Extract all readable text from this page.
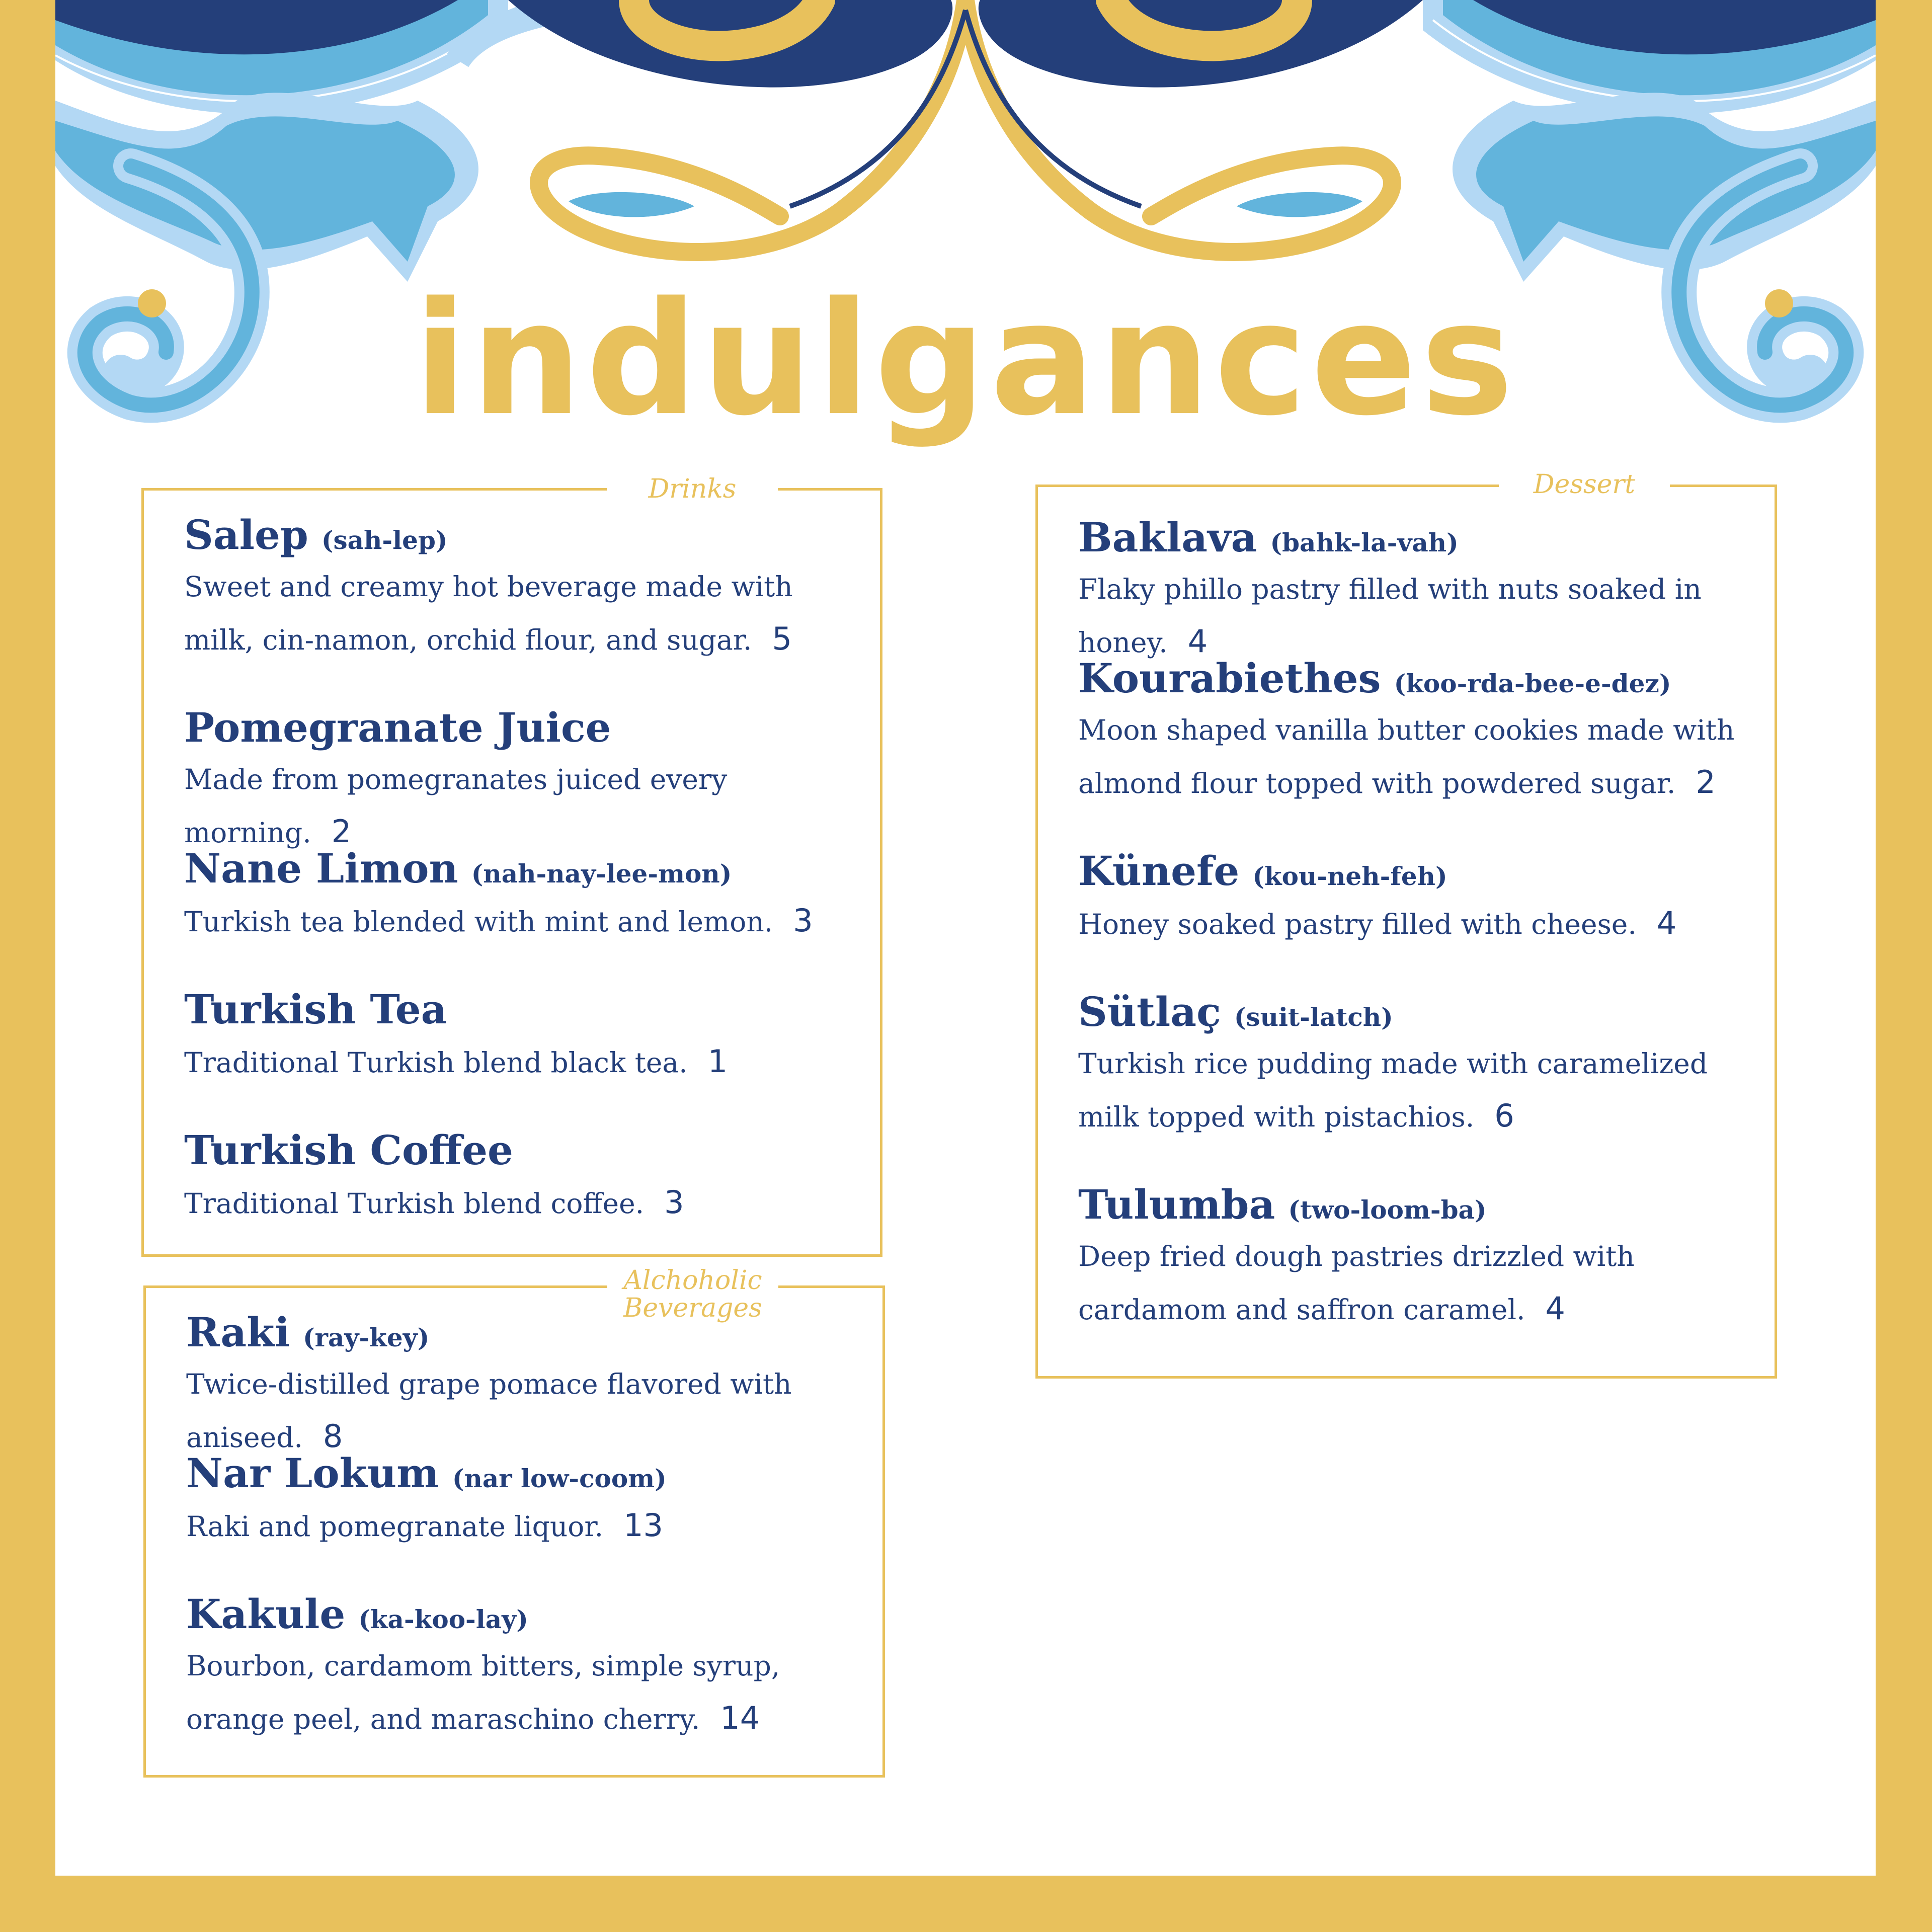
indulgances
Drinks
Salep (sah-lep)
Sweet and creamy hot beverage made with milk, cin-namon, orchid flour, and sugar. 5
Pomegranate Juice
Made from pomegranates juiced every morning. 2
Nane Limon (nah-nay-lee-mon)
Turkish tea blended with mint and lemon. 3
Turkish Tea
Traditional Turkish blend black tea. 1
Turkish Coffee
Traditional Turkish blend coffee. 3
Alchoholic Beverages
Raki (ray-key)
Twice-distilled grape pomace flavored with aniseed. 8
Nar Lokum (nar low-coom)
Raki and pomegranate liquor. 13
Kakule (ka-koo-lay)
Bourbon, cardamom bitters, simple syrup, orange peel, and maraschino cherry. 14
Dessert
Baklava (bahk-la-vah)
Flaky phillo pastry filled with nuts soaked in honey. 4
Kourabiethes (koo-rda-bee-e-dez)
Moon shaped vanilla butter cookies made with almond flour topped with powdered sugar. 2
Künefe (kou-neh-feh)
Honey soaked pastry filled with cheese. 4
Sütlaç (suit-latch)
Turkish rice pudding made with caramelized milk topped with pistachios. 6
Tulumba (two-loom-ba)
Deep fried dough pastries drizzled with cardamom and saffron caramel. 4
